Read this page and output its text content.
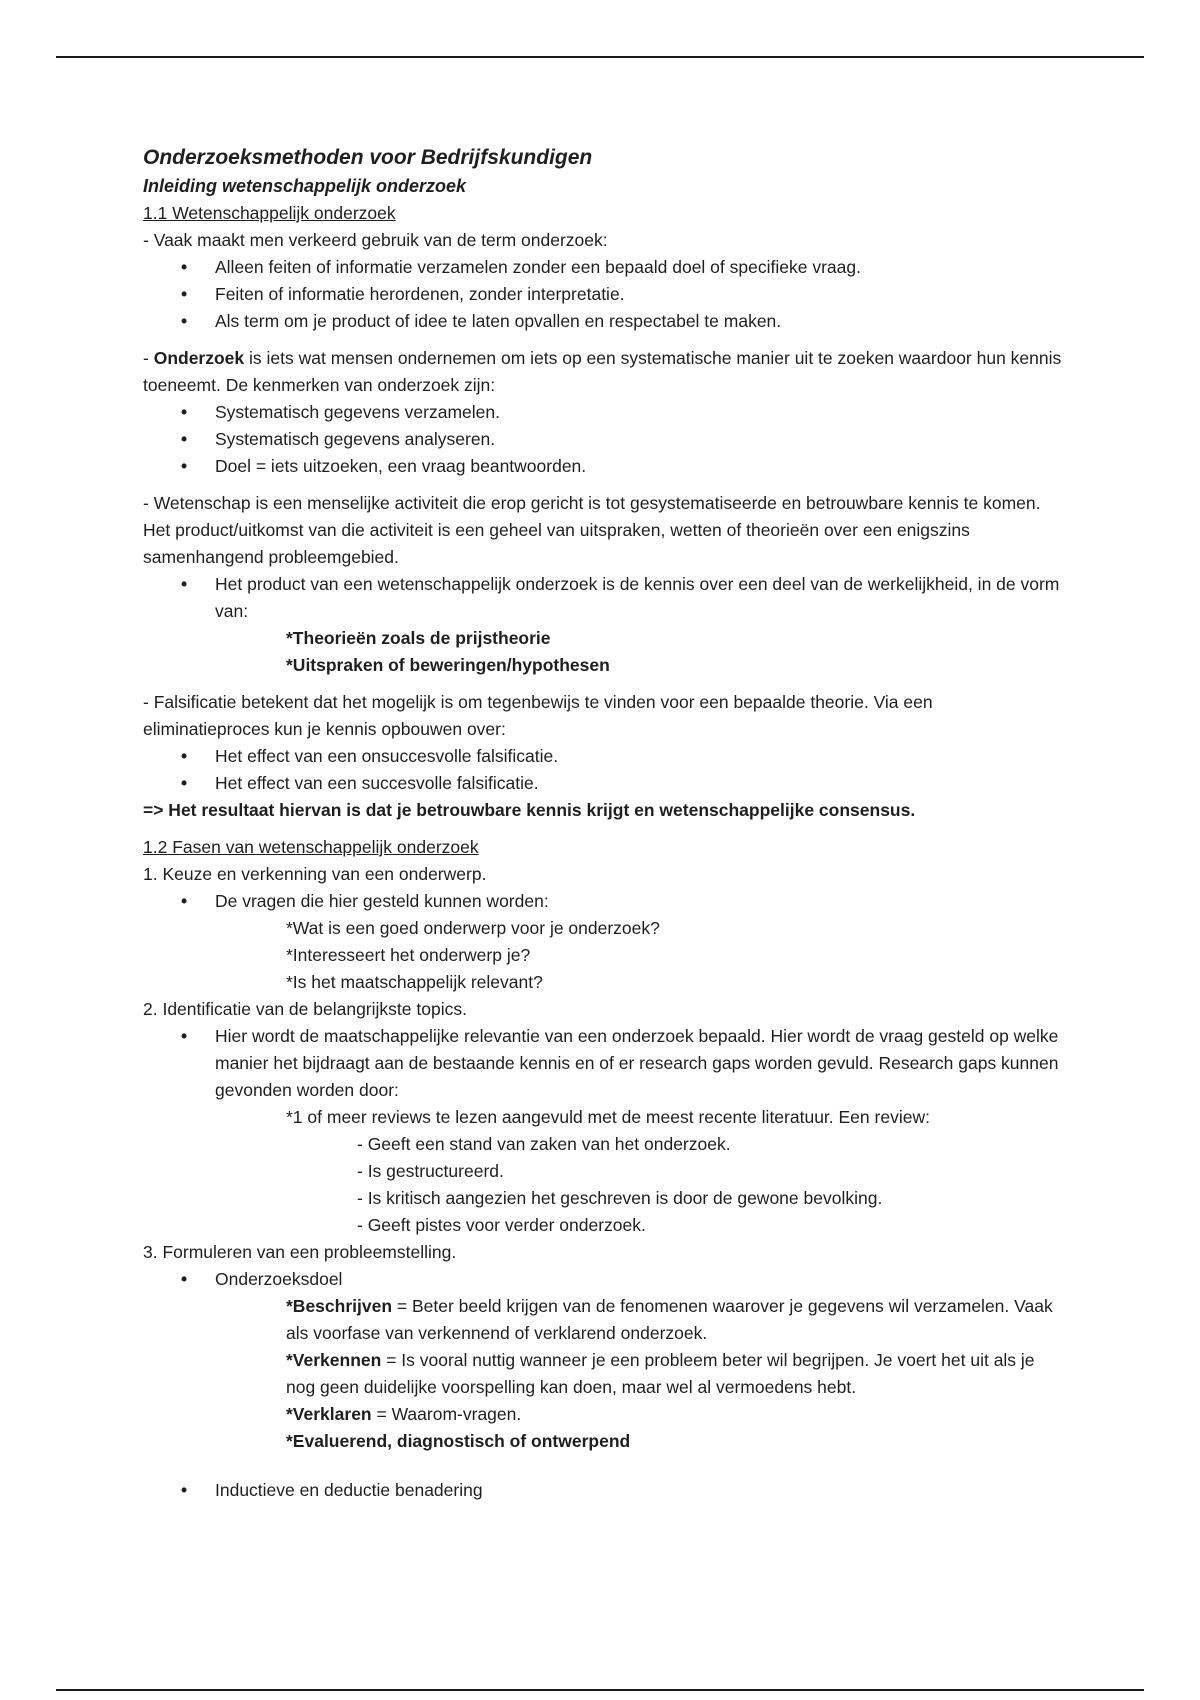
Onderzoeksmethoden voor Bedrijfskundigen
Inleiding wetenschappelijk onderzoek
1.1 Wetenschappelijk onderzoek

- Vaak maakt men verkeerd gebruik van de term onderzoek:

• Alleen feiten of informatie verzamelen zonder een bepaald doel of specifieke vraag.
• Feiten of informatie herordenen, zonder interpretatie.
• Als term om je product of idee te laten opvallen en respectabel te maken.

- Onderzoek is iets wat mensen ondernemen om iets op een systematische manier uit te zoeken waardoor hun kennis toeneemt. De kenmerken van onderzoek zijn:

• Systematisch gegevens verzamelen.
• Systematisch gegevens analyseren.
• Doel = iets uitzoeken, een vraag beantwoorden.

- Wetenschap is een menselijke activiteit die erop gericht is tot gesystematiseerde en betrouwbare kennis te komen. Het product/uitkomst van die activiteit is een geheel van uitspraken, wetten of theorieën over een enigszins samenhangend probleemgebied.

• Het product van een wetenschappelijk onderzoek is de kennis over een deel van de werkelijkheid, in de vorm van:

*Theorieën zoals de prijstheorie

*Uitspraken of beweringen/hypothesen

- Falsificatie betekent dat het mogelijk is om tegenbewijs te vinden voor een bepaalde theorie. Via een eliminatieproces kun je kennis opbouwen over:

• Het effect van een onsuccesvolle falsificatie.
• Het effect van een succesvolle falsificatie.

=> Het resultaat hiervan is dat je betrouwbare kennis krijgt en wetenschappelijke consensus.

1.2 Fasen van wetenschappelijk onderzoek

1. Keuze en verkenning van een onderwerp.

• De vragen die hier gesteld kunnen worden:

*Wat is een goed onderwerp voor je onderzoek?

*Interesseert het onderwerp je?

*Is het maatschappelijk relevant?

2. Identificatie van de belangrijkste topics.

• Hier wordt de maatschappelijke relevantie van een onderzoek bepaald. Hier wordt de vraag gesteld op welke manier het bijdraagt aan de bestaande kennis en of er research gaps worden gevuld. Research gaps kunnen gevonden worden door:

*1 of meer reviews te lezen aangevuld met de meest recente literatuur. Een review:

- Geeft een stand van zaken van het onderzoek.

- Is gestructureerd.

- Is kritisch aangezien het geschreven is door de gewone bevolking.

- Geeft pistes voor verder onderzoek.

3. Formuleren van een probleemstelling.

• Onderzoeksdoel

*Beschrijven = Beter beeld krijgen van de fenomenen waarover je gegevens wil verzamelen. Vaak als voorfase van verkennend of verklarend onderzoek.

*Verkennen = Is vooral nuttig wanneer je een probleem beter wil begrijpen. Je voert het uit als je nog geen duidelijke voorspelling kan doen, maar wel al vermoedens hebt.

*Verklaren = Waarom-vragen.

*Evaluerend, diagnostisch of ontwerpend

• Inductieve en deductie benadering
